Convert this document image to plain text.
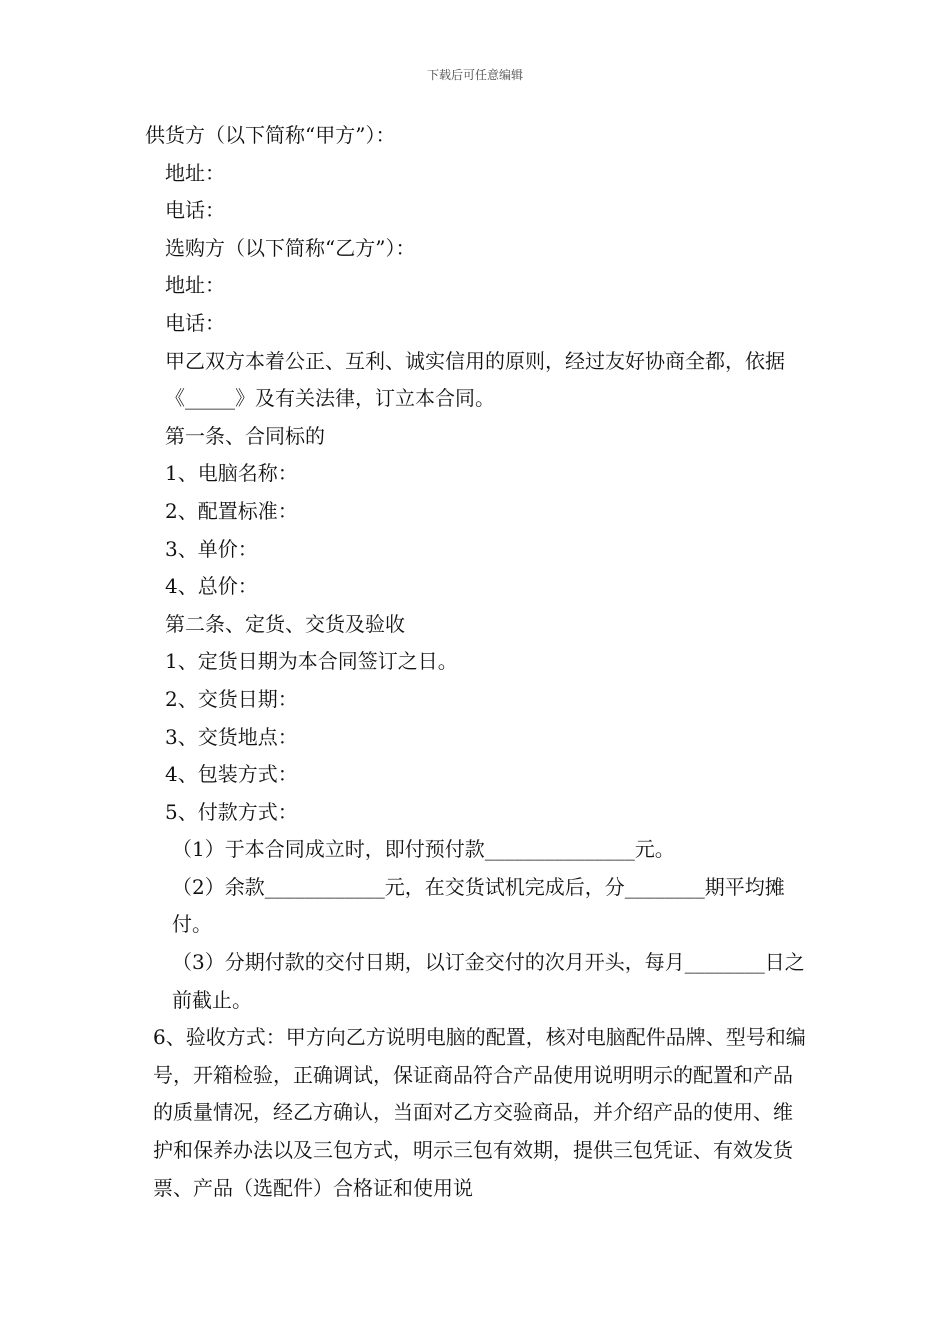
下载后可任意编辑

供货方（以下简称“甲方”）：

地址：

电话：

选购方（以下简称“乙方”）：

地址：

电话：

甲乙双方本着公正、互利、诚实信用的原则，经过友好协商全都，依据《_____》及有关法律，订立本合同。

第一条、合同标的

1、电脑名称：

2、配置标准：

3、单价：

4、总价：

第二条、定货、交货及验收

1、定货日期为本合同签订之日。

2、交货日期：

3、交货地点：

4、包装方式：

5、付款方式：

（1）于本合同成立时，即付预付款_______________元。

（2）余款____________元，在交货试机完成后，分________期平均摊付。

（3）分期付款的交付日期，以订金交付的次月开头，每月________日之前截止。

6、验收方式：甲方向乙方说明电脑的配置，核对电脑配件品牌、型号和编号，开箱检验，正确调试，保证商品符合产品使用说明明示的配置和产品的质量情况，经乙方确认，当面对乙方交验商品，并介绍产品的使用、维护和保养办法以及三包方式，明示三包有效期，提供三包凭证、有效发货票、产品（选配件）合格证和使用说
